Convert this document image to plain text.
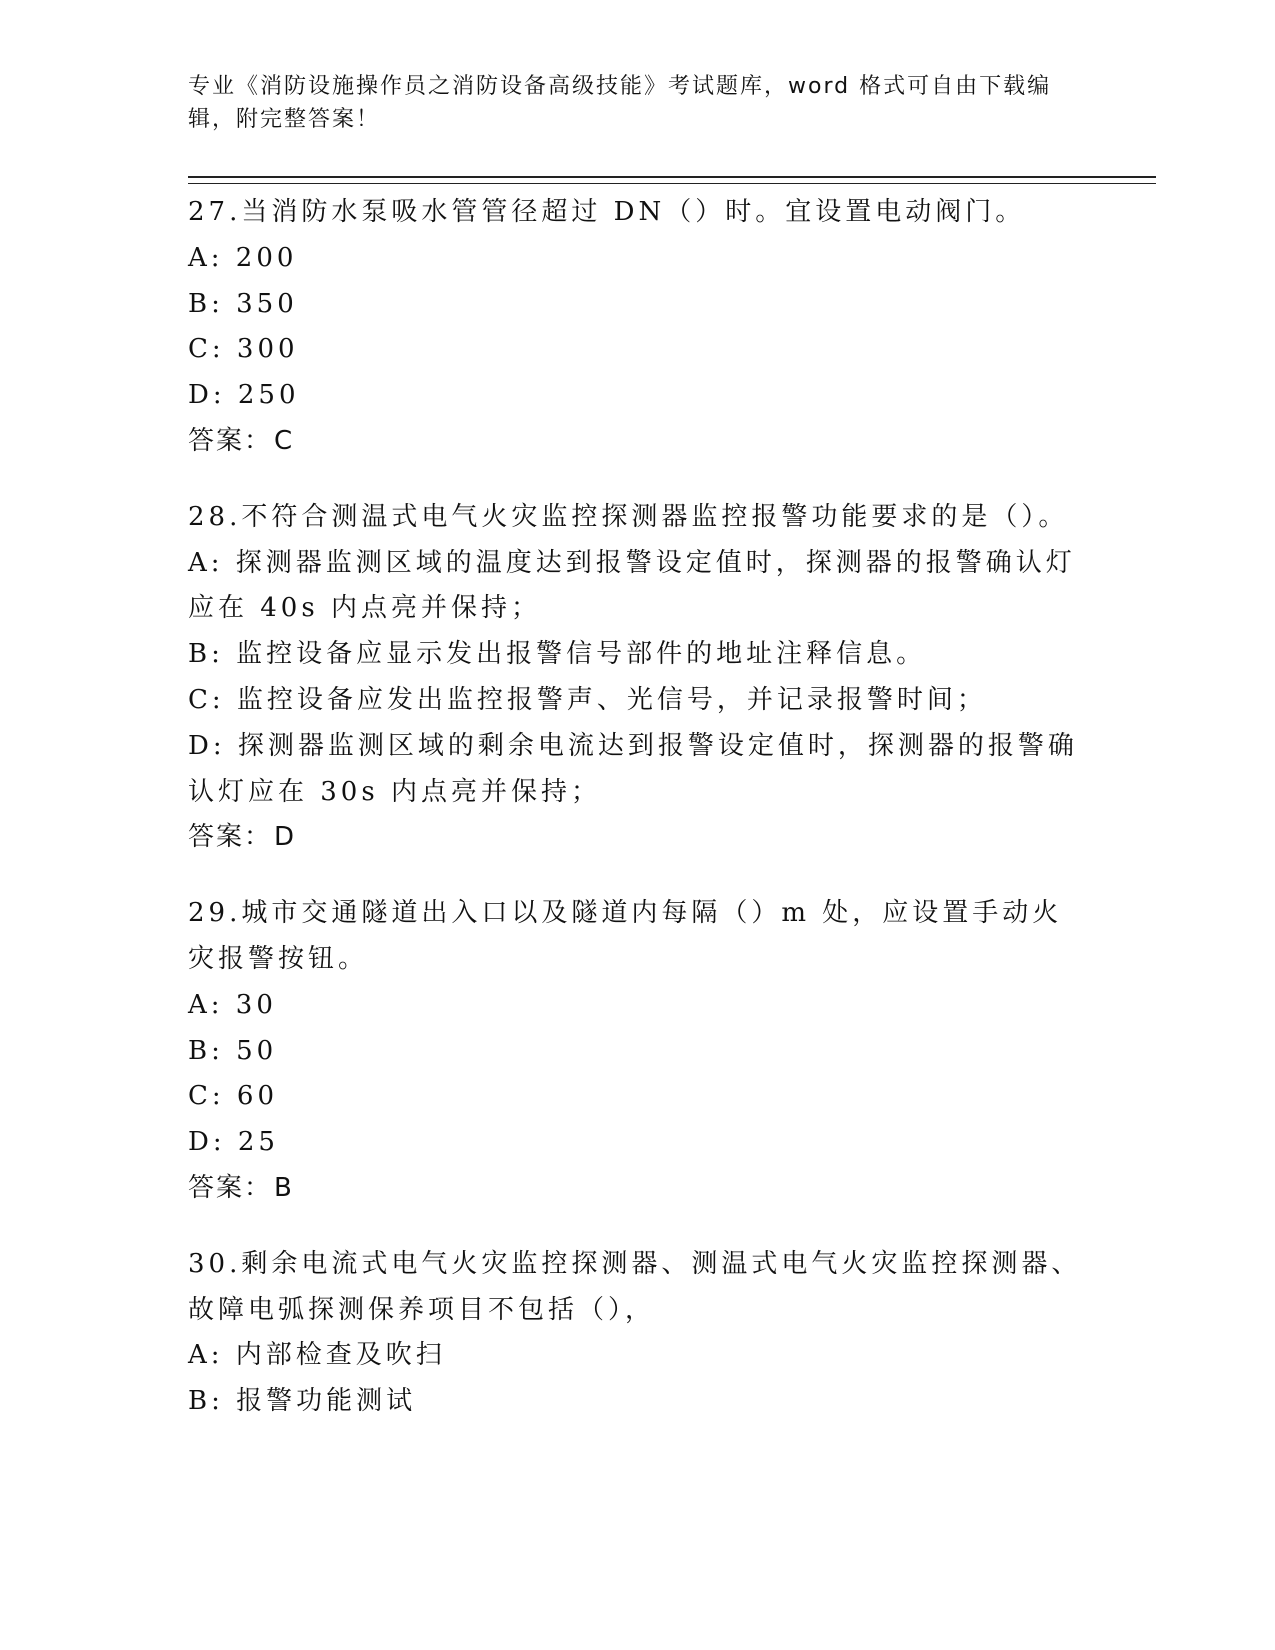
专业《消防设施操作员之消防设备高级技能》考试题库，word 格式可自由下载编辑，附完整答案！
27.当消防水泵吸水管管径超过 DN（）时。宜设置电动阀门。
A: 200
B: 350
C: 300
D: 250
答案：C
28.不符合测温式电气火灾监控探测器监控报警功能要求的是（）。
A: 探测器监测区域的温度达到报警设定值时，探测器的报警确认灯应在 40s 内点亮并保持；
B: 监控设备应显示发出报警信号部件的地址注释信息。
C: 监控设备应发出监控报警声、光信号，并记录报警时间；
D: 探测器监测区域的剩余电流达到报警设定值时，探测器的报警确认灯应在 30s 内点亮并保持；
答案：D
29.城市交通隧道出入口以及隧道内每隔（）m 处，应设置手动火灾报警按钮。
A: 30
B: 50
C: 60
D: 25
答案：B
30.剩余电流式电气火灾监控探测器、测温式电气火灾监控探测器、故障电弧探测保养项目不包括（），
A: 内部检查及吹扫
B: 报警功能测试
